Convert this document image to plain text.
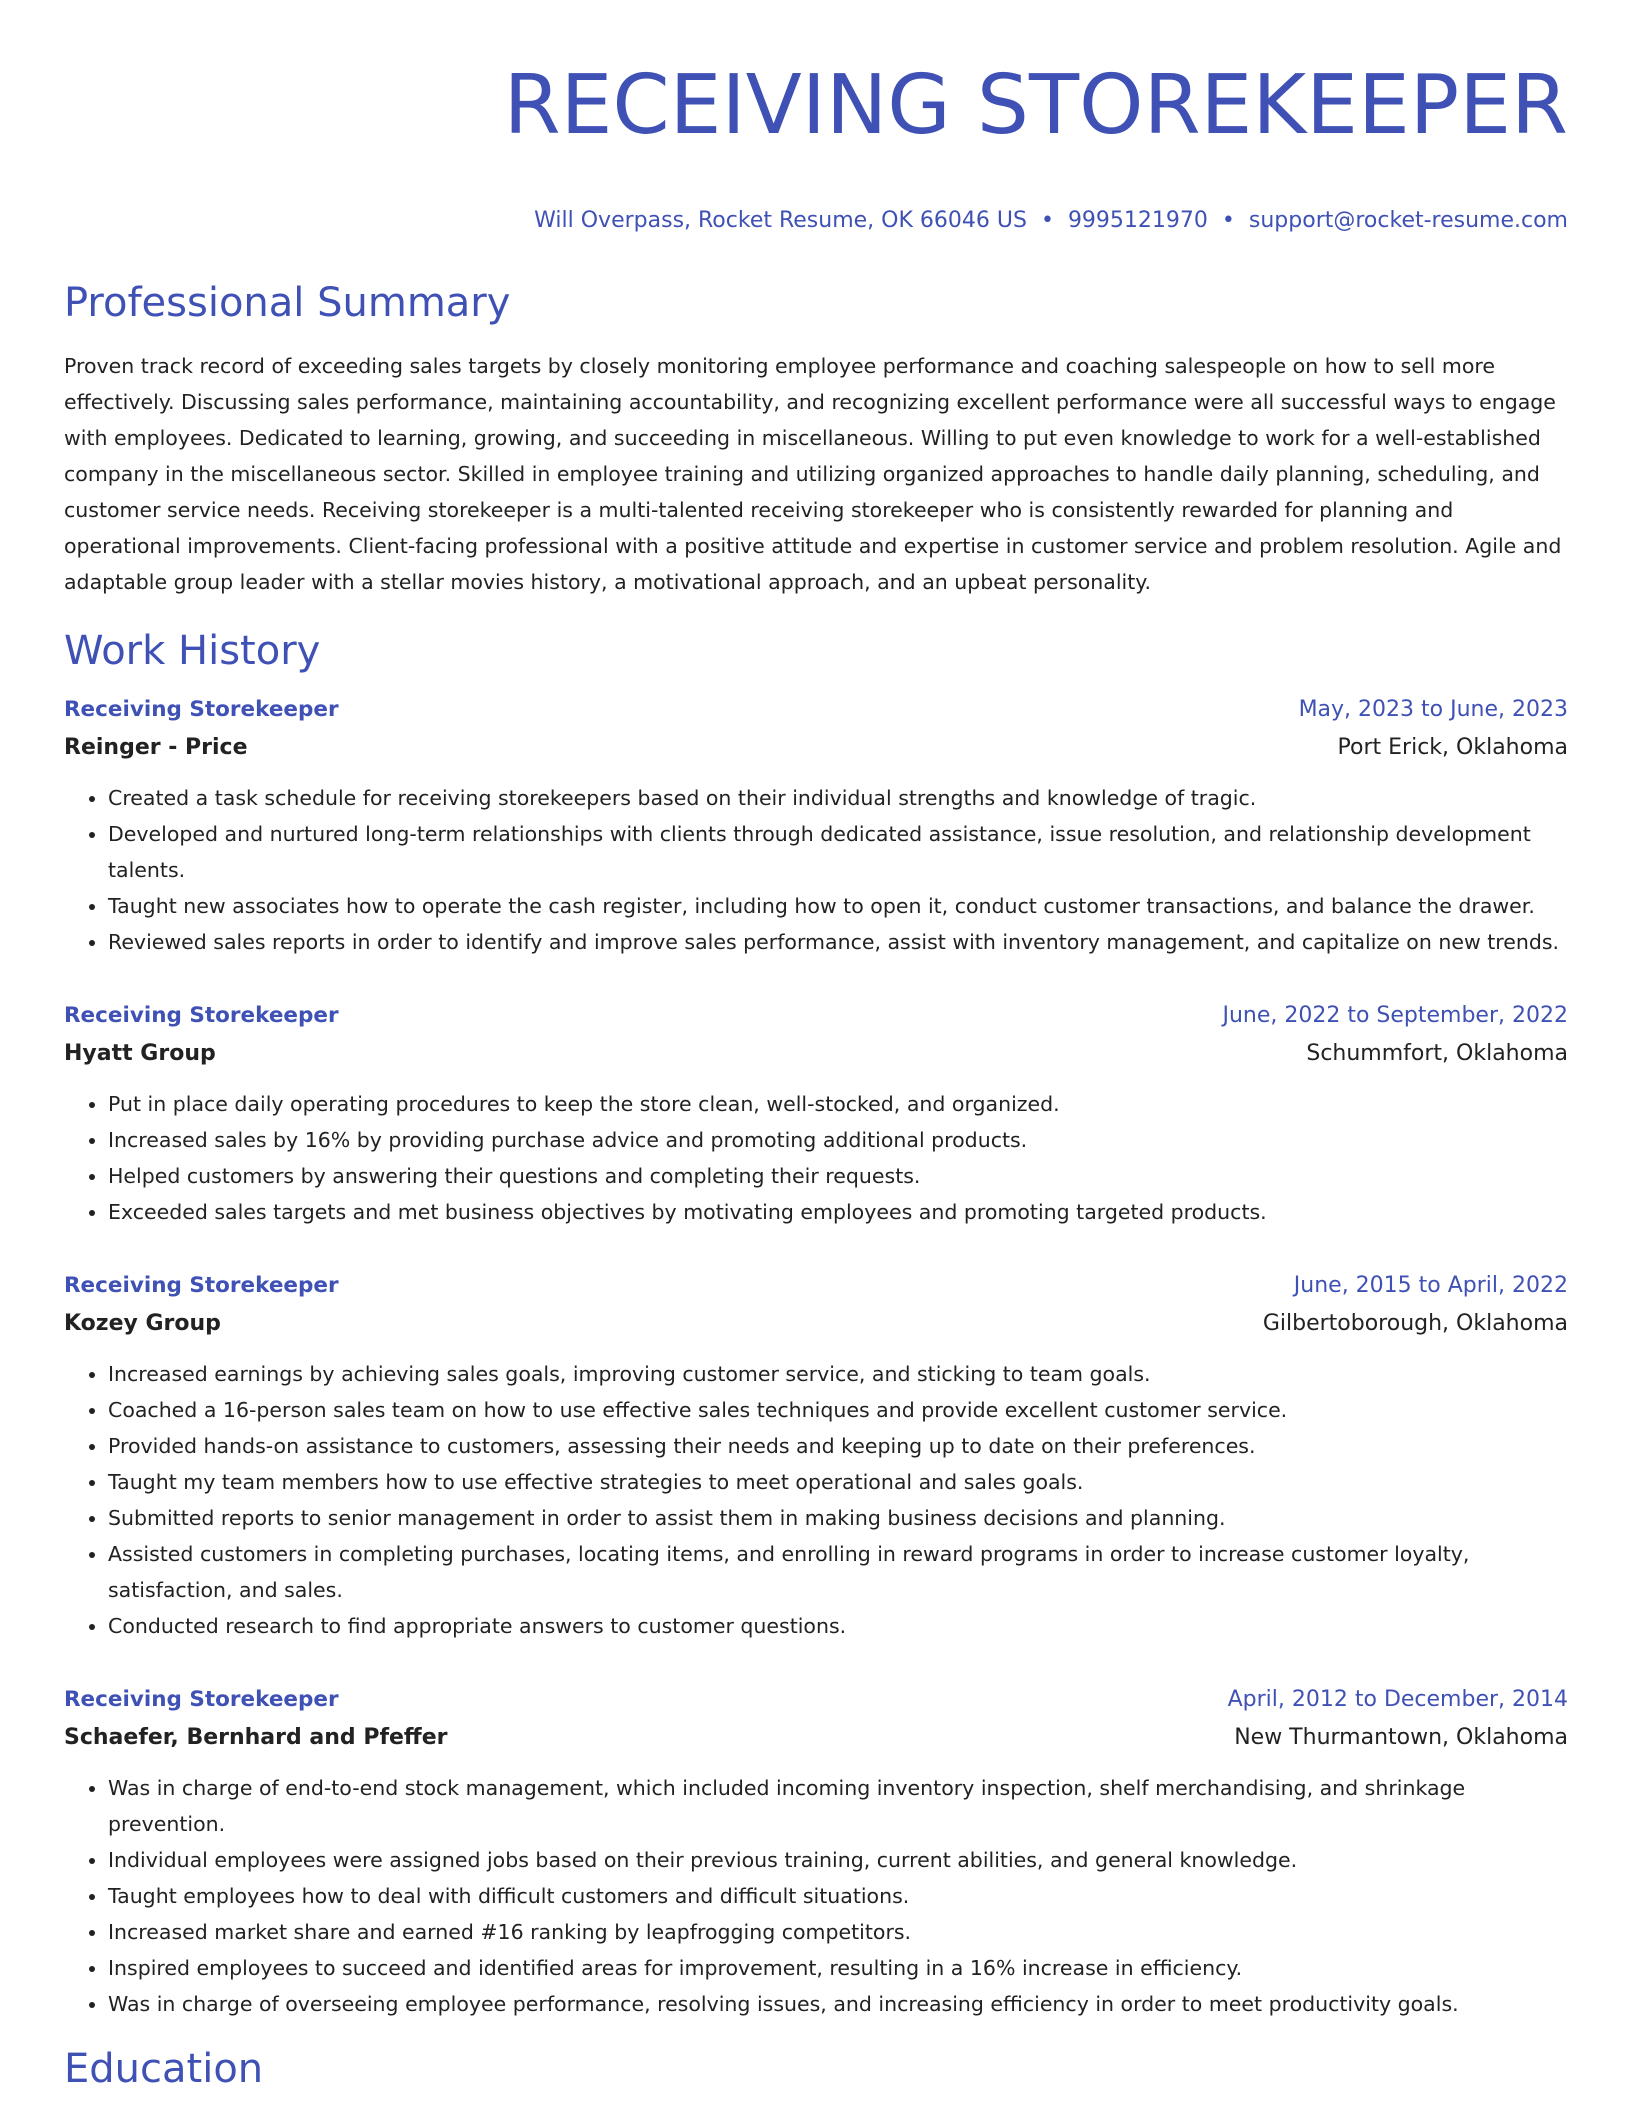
RECEIVING STOREKEEPER
Will Overpass, Rocket Resume, OK 66046 US • 9995121970 • support@rocket-resume.com
Professional Summary

Proven track record of exceeding sales targets by closely monitoring employee performance and coaching salespeople on how to sell more effectively. Discussing sales performance, maintaining accountability, and recognizing excellent performance were all successful ways to engage with employees. Dedicated to learning, growing, and succeeding in miscellaneous. Willing to put even knowledge to work for a well-established company in the miscellaneous sector. Skilled in employee training and utilizing organized approaches to handle daily planning, scheduling, and customer service needs. Receiving storekeeper is a multi-talented receiving storekeeper who is consistently rewarded for planning and operational improvements. Client-facing professional with a positive attitude and expertise in customer service and problem resolution. Agile and adaptable group leader with a stellar movies history, a motivational approach, and an upbeat personality.

Work History
Receiving Storekeeper	May, 2023 to June, 2023
Reinger - Price	Port Erick, Oklahoma
• Created a task schedule for receiving storekeepers based on their individual strengths and knowledge of tragic.
• Developed and nurtured long-term relationships with clients through dedicated assistance, issue resolution, and relationship development talents.
• Taught new associates how to operate the cash register, including how to open it, conduct customer transactions, and balance the drawer.
• Reviewed sales reports in order to identify and improve sales performance, assist with inventory management, and capitalize on new trends.
Receiving Storekeeper	June, 2022 to September, 2022
Hyatt Group	Schummfort, Oklahoma
• Put in place daily operating procedures to keep the store clean, well-stocked, and organized.
• Increased sales by 16% by providing purchase advice and promoting additional products.
• Helped customers by answering their questions and completing their requests.
• Exceeded sales targets and met business objectives by motivating employees and promoting targeted products.
Receiving Storekeeper	June, 2015 to April, 2022
Kozey Group	Gilbertoborough, Oklahoma
• Increased earnings by achieving sales goals, improving customer service, and sticking to team goals.
• Coached a 16-person sales team on how to use effective sales techniques and provide excellent customer service.
• Provided hands-on assistance to customers, assessing their needs and keeping up to date on their preferences.
• Taught my team members how to use effective strategies to meet operational and sales goals.
• Submitted reports to senior management in order to assist them in making business decisions and planning.
• Assisted customers in completing purchases, locating items, and enrolling in reward programs in order to increase customer loyalty, satisfaction, and sales.
• Conducted research to find appropriate answers to customer questions.
Receiving Storekeeper	April, 2012 to December, 2014
Schaefer, Bernhard and Pfeffer	New Thurmantown, Oklahoma
• Was in charge of end-to-end stock management, which included incoming inventory inspection, shelf merchandising, and shrinkage prevention.
• Individual employees were assigned jobs based on their previous training, current abilities, and general knowledge.
• Taught employees how to deal with difficult customers and difficult situations.
• Increased market share and earned #16 ranking by leapfrogging competitors.
• Inspired employees to succeed and identified areas for improvement, resulting in a 16% increase in efficiency.
• Was in charge of overseeing employee performance, resolving issues, and increasing efficiency in order to meet productivity goals.
Education
